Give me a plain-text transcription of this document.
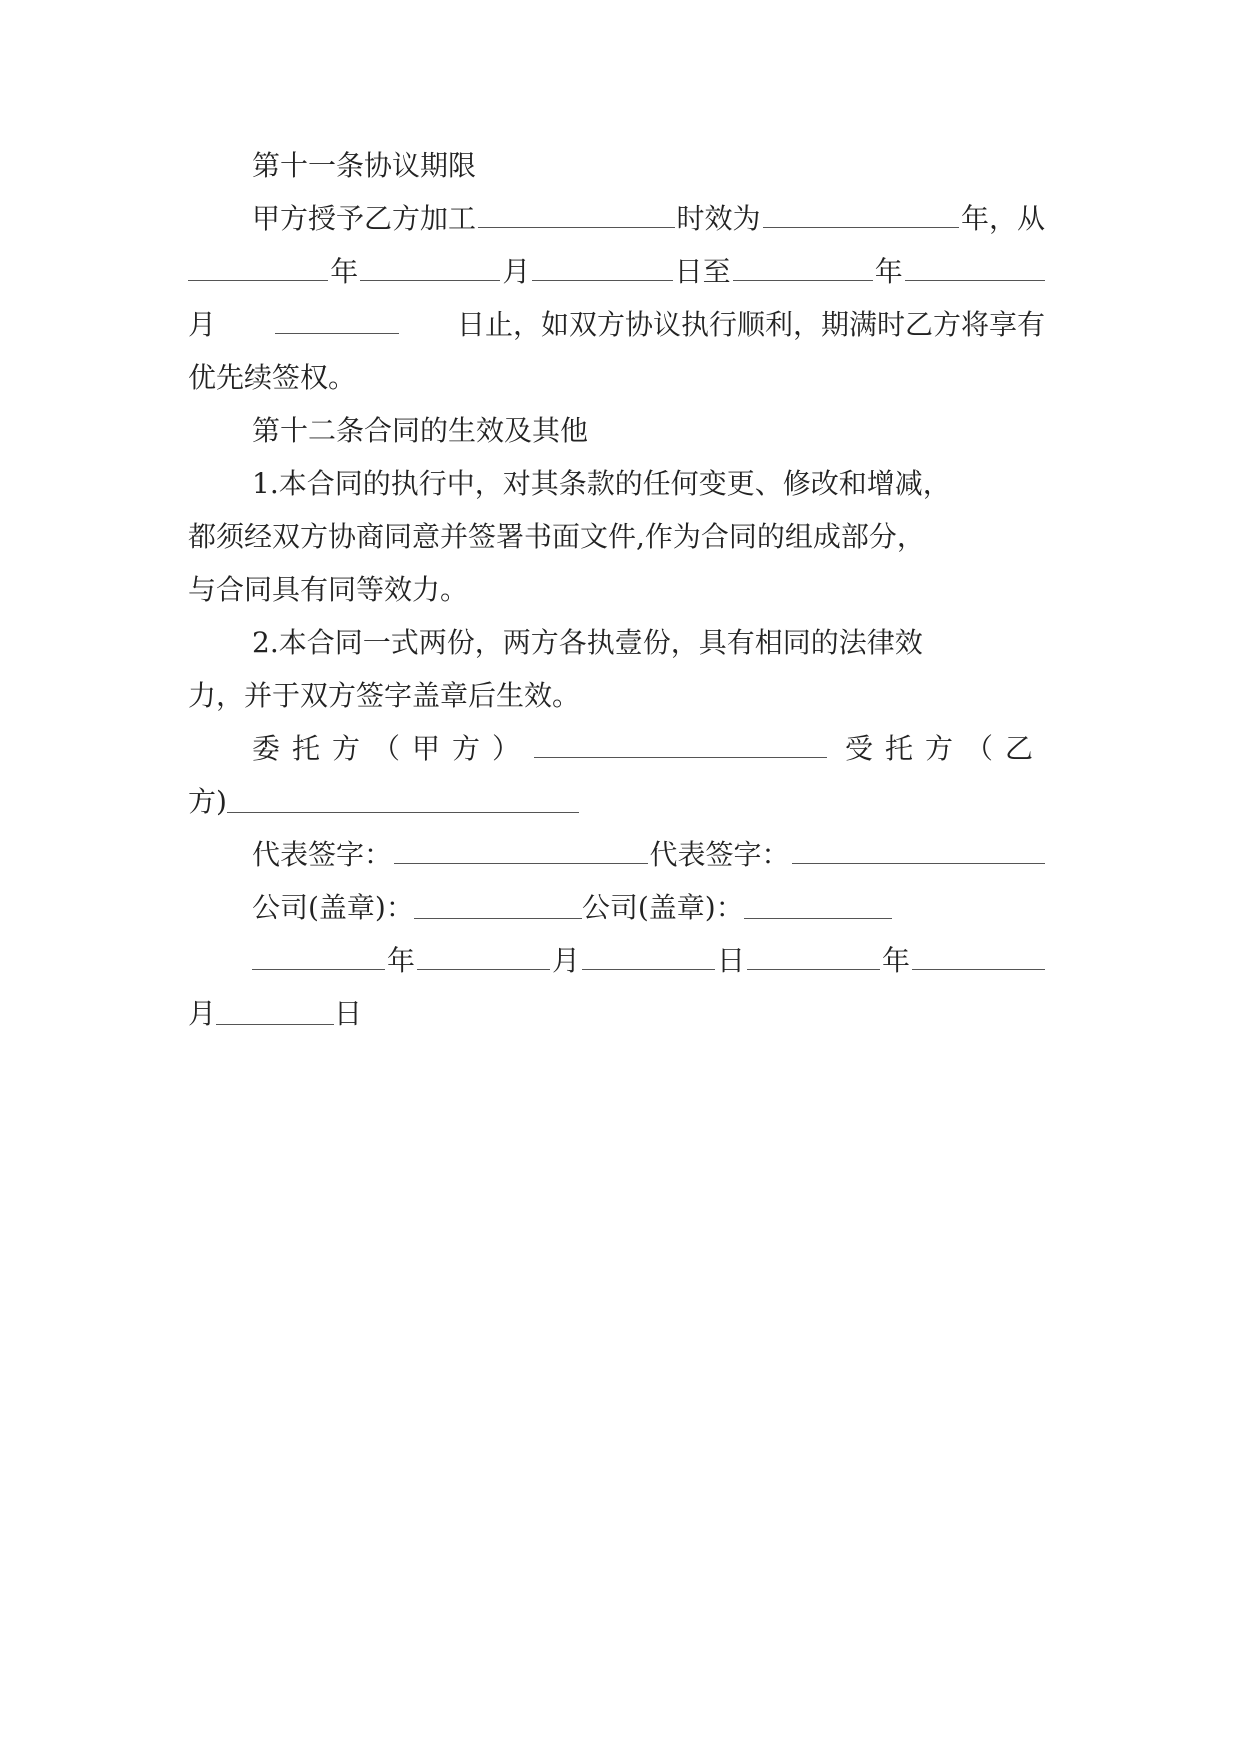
第十一条协议期限
甲方授予乙方加工	时效为	年，从
年	月	日至	年
月	日止，如双方协议执行顺利，期满时乙方将享有
优先续签权。
第十二条合同的生效及其他
1.本合同的执行中，对其条款的任何变更、修改和增减，
都须经双方协商同意并签署书面文件,作为合同的组成部分，
与合同具有同等效力。
2.本合同一式两份，两方各执壹份，具有相同的法律效
力，并于双方签字盖章后生效。
委托方（甲方）	受托方（乙
方)
代表签字：	代表签字：
公司(盖章)：	公司(盖章)：
年	月	日	年
月	日
